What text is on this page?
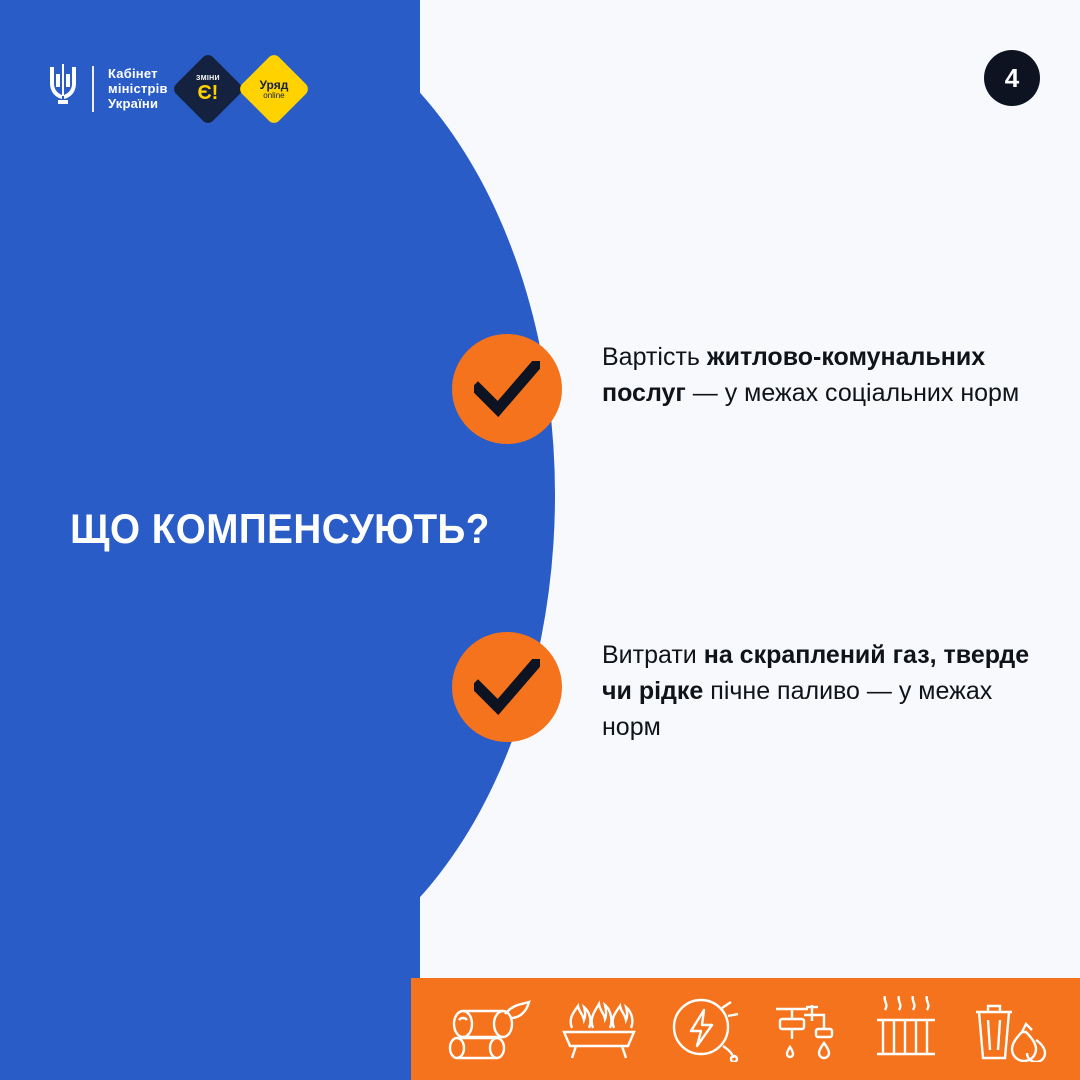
Кабінет
міністрів
України
ЗМІНИ
Є!	Уряд
online
4
ЩО КОМПЕНСУЮТЬ?
Вартість житлово-комунальних послуг — у межах соціальних норм
Витрати на скраплений газ, тверде чи рідке пічне паливо — у межах норм
